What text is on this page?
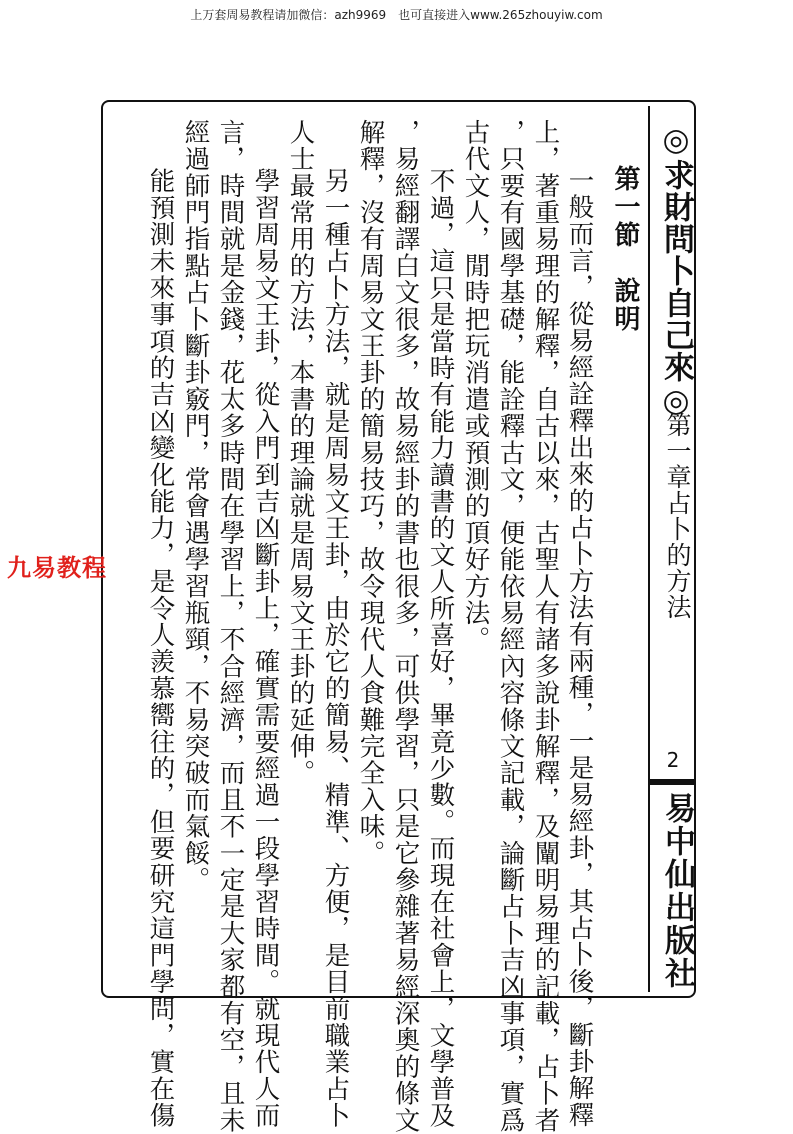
上万套周易教程请加微信：azh9969　也可直接进入www.265zhouyiw.com
◎求財問卜自己來◎
第一章占卜的方法
2
易中仙出版社
第一節　說明
一般而言，從易經詮釋出來的占卜方法有兩種，一是易經卦，其占卜後，斷卦解釋
上，著重易理的解釋，自古以來，古聖人有諸多說卦解釋，及闡明易理的記載，占卜者
，只要有國學基礎，能詮釋古文，便能依易經內容條文記載，論斷占卜吉凶事項，實爲
古代文人，閒時把玩消遣或預測的頂好方法。
　不過，這只是當時有能力讀書的文人所喜好，畢竟少數。而現在社會上，文學普及
，易經翻譯白文很多，故易經卦的書也很多，可供學習，只是它參雜著易經深奧的條文
解釋，沒有周易文王卦的簡易技巧，故令現代人食難完全入味。
　另一種占卜方法，就是周易文王卦，由於它的簡易、精準、方便，是目前職業占卜
人士最常用的方法，本書的理論就是周易文王卦的延伸。
　學習周易文王卦，從入門到吉凶斷卦上，確實需要經過一段學習時間。就現代人而
言，時間就是金錢，花太多時間在學習上，不合經濟，而且不一定是大家都有空，且未
經過師門指點占卜斷卦竅門，常會遇學習瓶頸，不易突破而氣餒。
　能預測未來事項的吉凶變化能力，是令人羨慕嚮往的，但要研究這門學問，實在傷
九易教程
